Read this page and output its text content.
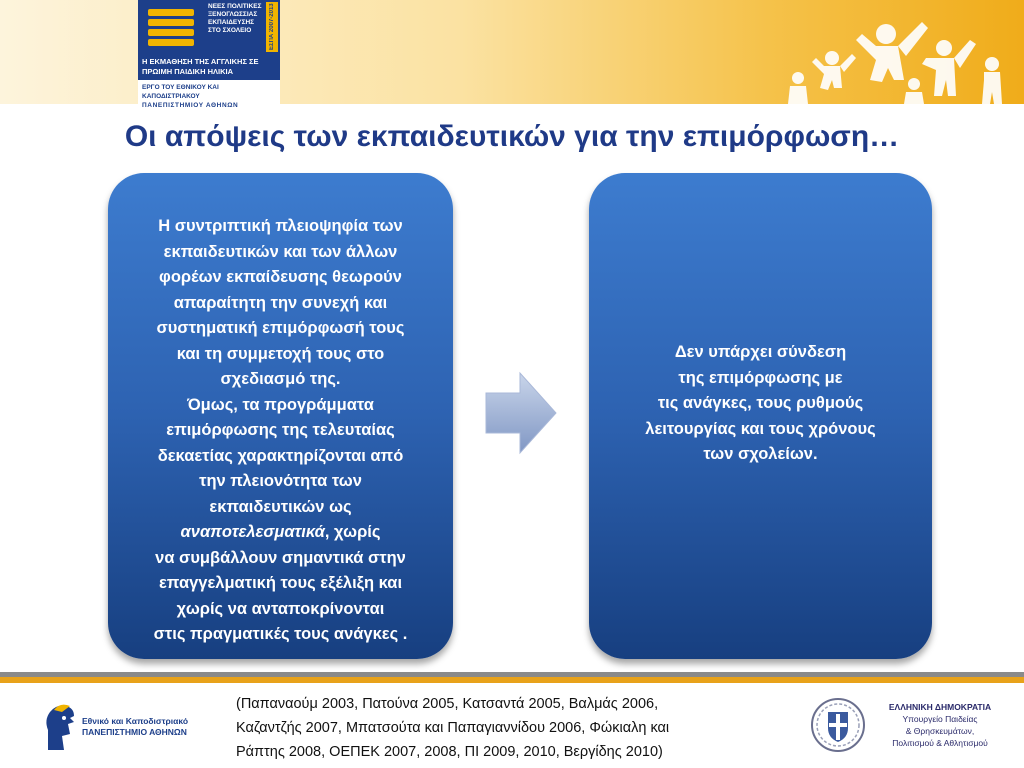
ΝΕΕΣ ΠΟΛΙΤΙΚΕΣ
ΞΕΝΟΓΛΩΣΣΙΑΣ
ΕΚΠΑΙΔΕΥΣΗΣ
ΣΤΟ ΣΧΟΛΕΙΟ	ΕΣΠΑ 2007-2013
Η ΕΚΜΑΘΗΣΗ ΤΗΣ ΑΓΓΛΙΚΗΣ ΣΕ
ΠΡΩΙΜΗ ΠΑΙΔΙΚΗ ΗΛΙΚΙΑ
ΕΡΓΟ ΤΟΥ ΕΘΝΙΚΟΥ ΚΑΙ ΚΑΠΟΔΙΣΤΡΙΑΚΟΥ
ΠΑΝΕΠΙΣΤΗΜΙΟΥ ΑΘΗΝΩΝ
Οι απόψεις των εκπαιδευτικών για την επιμόρφωση…
Η συντριπτική πλειοψηφία των
εκπαιδευτικών και των άλλων
φορέων εκπαίδευσης θεωρούν
απαραίτητη την συνεχή και
συστηματική επιμόρφωσή τους
και τη συμμετοχή τους στο
σχεδιασμό της.
Όμως, τα προγράμματα
επιμόρφωσης της τελευταίας
δεκαετίας χαρακτηρίζονται από
την πλειονότητα των
εκπαιδευτικών ως
αναποτελεσματικά, χωρίς
να συμβάλλουν σημαντικά στην
επαγγελματική τους εξέλιξη και
χωρίς να ανταποκρίνονται
στις πραγματικές τους ανάγκες .
Δεν υπάρχει σύνδεση
της επιμόρφωσης με
τις ανάγκες, τους ρυθμούς
λειτουργίας και τους χρόνους
των σχολείων.
Εθνικό και Καποδιστριακό
ΠΑΝΕΠΙΣΤΗΜΙΟ ΑΘΗΝΩΝ
(Παπαναούμ 2003, Πατούνα 2005, Κατσαντά 2005, Βαλμάς 2006,
Καζαντζής 2007, Μπατσούτα και Παπαγιαννίδου 2006, Φώκιαλη και
Ράπτης 2008, ΟΕΠΕΚ 2007, 2008, ΠΙ 2009, 2010, Βεργίδης 2010)
ΕΛΛΗΝΙΚΗ ΔΗΜΟΚΡΑΤΙΑ
Υπουργείο Παιδείας
& Θρησκευμάτων,
Πολιτισμού & Αθλητισμού
